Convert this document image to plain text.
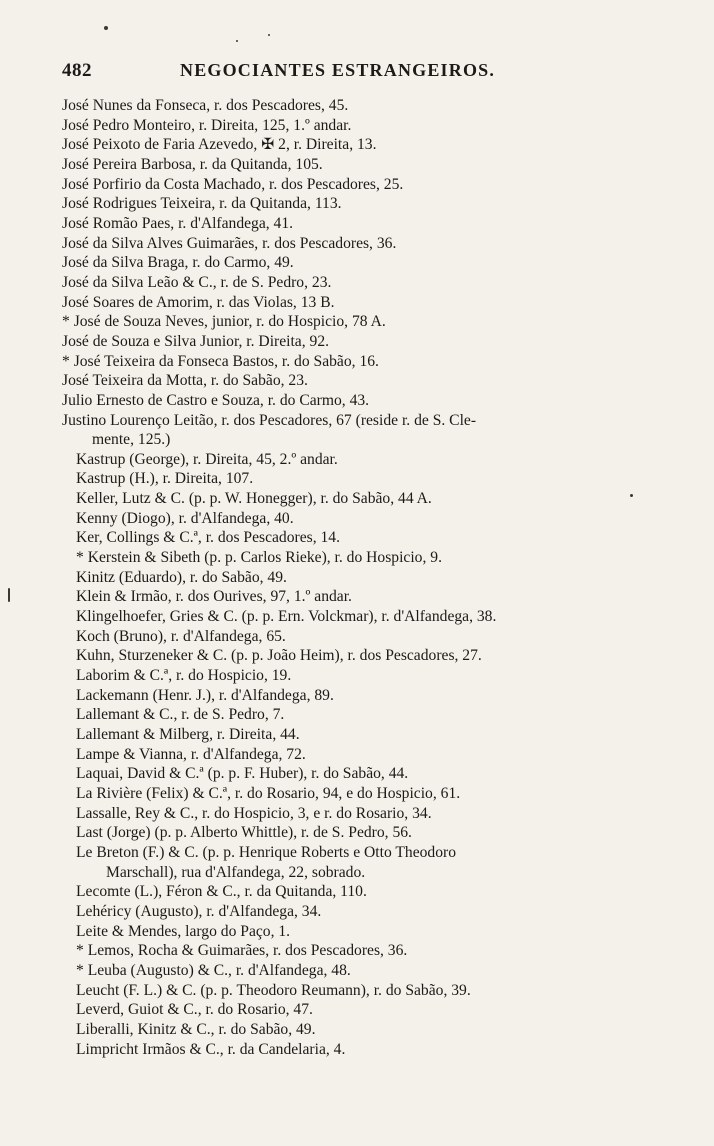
482	NEGOCIANTES ESTRANGEIROS.
José Nunes da Fonseca, r. dos Pescadores, 45.
José Pedro Monteiro, r. Direita, 125, 1.º andar.
José Peixoto de Faria Azevedo, ✠ 2, r. Direita, 13.
José Pereira Barbosa, r. da Quitanda, 105.
José Porfirio da Costa Machado, r. dos Pescadores, 25.
José Rodrigues Teixeira, r. da Quitanda, 113.
José Romão Paes, r. d'Alfandega, 41.
José da Silva Alves Guimarães, r. dos Pescadores, 36.
José da Silva Braga, r. do Carmo, 49.
José da Silva Leão & C., r. de S. Pedro, 23.
José Soares de Amorim, r. das Violas, 13 B.
* José de Souza Neves, junior, r. do Hospicio, 78 A.
José de Souza e Silva Junior, r. Direita, 92.
* José Teixeira da Fonseca Bastos, r. do Sabão, 16.
José Teixeira da Motta, r. do Sabão, 23.
Julio Ernesto de Castro e Souza, r. do Carmo, 43.
Justino Lourenço Leitão, r. dos Pescadores, 67 (reside r. de S. Cle-
mente, 125.)
Kastrup (George), r. Direita, 45, 2.º andar.
Kastrup (H.), r. Direita, 107.
Keller, Lutz & C. (p. p. W. Honegger), r. do Sabão, 44 A.
Kenny (Diogo), r. d'Alfandega, 40.
Ker, Collings & C.ª, r. dos Pescadores, 14.
* Kerstein & Sibeth (p. p. Carlos Rieke), r. do Hospicio, 9.
Kinitz (Eduardo), r. do Sabão, 49.
Klein & Irmão, r. dos Ourives, 97, 1.º andar.
Klingelhoefer, Gries & C. (p. p. Ern. Volckmar), r. d'Alfandega, 38.
Koch (Bruno), r. d'Alfandega, 65.
Kuhn, Sturzeneker & C. (p. p. João Heim), r. dos Pescadores, 27.
Laborim & C.ª, r. do Hospicio, 19.
Lackemann (Henr. J.), r. d'Alfandega, 89.
Lallemant & C., r. de S. Pedro, 7.
Lallemant & Milberg, r. Direita, 44.
Lampe & Vianna, r. d'Alfandega, 72.
Laquai, David & C.ª (p. p. F. Huber), r. do Sabão, 44.
La Rivière (Felix) & C.ª, r. do Rosario, 94, e do Hospicio, 61.
Lassalle, Rey & C., r. do Hospicio, 3, e r. do Rosario, 34.
Last (Jorge) (p. p. Alberto Whittle), r. de S. Pedro, 56.
Le Breton (F.) & C. (p. p. Henrique Roberts e Otto Theodoro
Marschall), rua d'Alfandega, 22, sobrado.
Lecomte (L.), Féron & C., r. da Quitanda, 110.
Lehéricy (Augusto), r. d'Alfandega, 34.
Leite & Mendes, largo do Paço, 1.
* Lemos, Rocha & Guimarães, r. dos Pescadores, 36.
* Leuba (Augusto) & C., r. d'Alfandega, 48.
Leucht (F. L.) & C. (p. p. Theodoro Reumann), r. do Sabão, 39.
Leverd, Guiot & C., r. do Rosario, 47.
Liberalli, Kinitz & C., r. do Sabão, 49.
Limpricht Irmãos & C., r. da Candelaria, 4.
